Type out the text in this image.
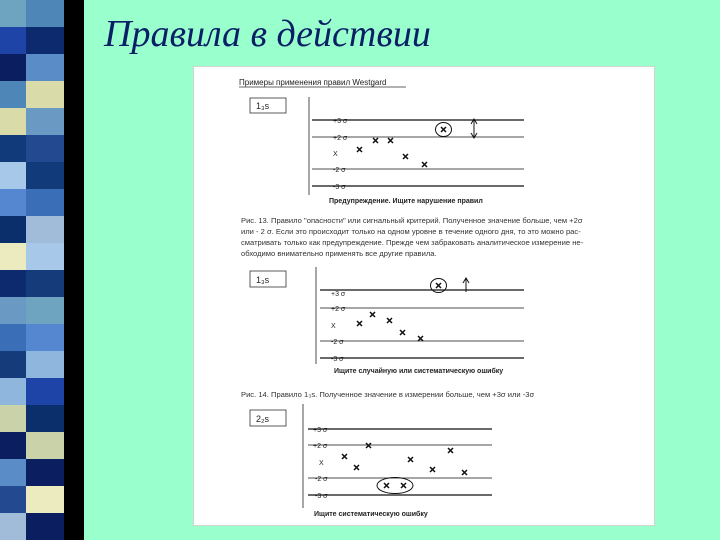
Правила в действии
Примеры применения правил Westgard
1₃s
+3 σ
+2 σ
X
-2 σ
-3 σ
Предупреждение. Ищите нарушение правил
Рис. 13. Правило "опасности" или сигнальный критерий. Полученное значение больше, чем +2σ
или - 2 σ. Если это происходит только на одном уровне в течение одного дня, то это можно рас-
сматривать только как предупреждение. Прежде чем забраковать аналитическое измерение не-
обходимо внимательно применять все другие правила.
1₃s
+3 σ
+2 σ
X
-2 σ
-3 σ
Ищите случайную или систематическую ошибку
Рис. 14. Правило 1₃s. Полученное значение в измерении больше, чем +3σ или -3σ
2₂s
+3 σ
+2 σ
X
-2 σ
-3 σ
Ищите систематическую ошибку
